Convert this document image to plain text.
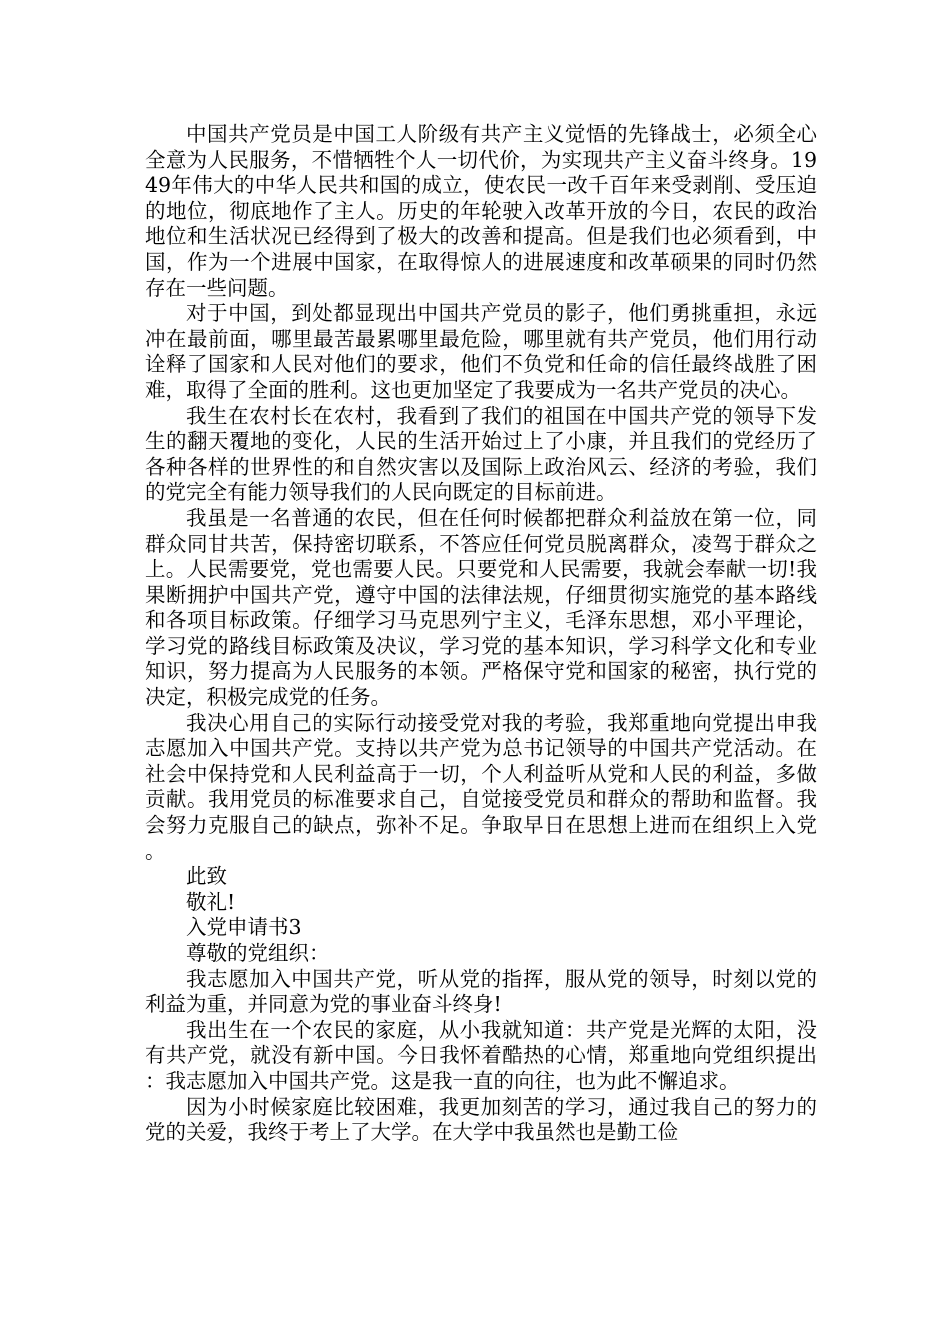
中国共产党员是中国工人阶级有共产主义觉悟的先锋战士，必须全心全意为人民服务，不惜牺牲个人一切代价，为实现共产主义奋斗终身。1949年伟大的中华人民共和国的成立，使农民一改千百年来受剥削、受压迫的地位，彻底地作了主人。历史的年轮驶入改革开放的今日，农民的政治地位和生活状况已经得到了极大的改善和提高。但是我们也必须看到，中国，作为一个进展中国家，在取得惊人的进展速度和改革硕果的同时仍然存在一些问题。

对于中国，到处都显现出中国共产党员的影子，他们勇挑重担，永远冲在最前面，哪里最苦最累哪里最危险，哪里就有共产党员，他们用行动诠释了国家和人民对他们的要求，他们不负党和任命的信任最终战胜了困难，取得了全面的胜利。这也更加坚定了我要成为一名共产党员的决心。

我生在农村长在农村，我看到了我们的祖国在中国共产党的领导下发生的翻天覆地的变化，人民的生活开始过上了小康，并且我们的党经历了各种各样的世界性的和自然灾害以及国际上政治风云、经济的考验，我们的党完全有能力领导我们的人民向既定的目标前进。

我虽是一名普通的农民，但在任何时候都把群众利益放在第一位，同群众同甘共苦，保持密切联系，不答应任何党员脱离群众，凌驾于群众之上。人民需要党，党也需要人民。只要党和人民需要，我就会奉献一切!我果断拥护中国共产党，遵守中国的法律法规，仔细贯彻实施党的基本路线和各项目标政策。仔细学习马克思列宁主义，毛泽东思想，邓小平理论，学习党的路线目标政策及决议，学习党的基本知识，学习科学文化和专业知识，努力提高为人民服务的本领。严格保守党和国家的秘密，执行党的决定，积极完成党的任务。

我决心用自己的实际行动接受党对我的考验，我郑重地向党提出申我志愿加入中国共产党。支持以共产党为总书记领导的中国共产党活动。在社会中保持党和人民利益高于一切，个人利益听从党和人民的利益，多做贡献。我用党员的标准要求自己，自觉接受党员和群众的帮助和监督。我会努力克服自己的缺点，弥补不足。争取早日在思想上进而在组织上入党。

此致

敬礼!

入党申请书3

尊敬的党组织：

我志愿加入中国共产党，听从党的指挥，服从党的领导，时刻以党的利益为重，并同意为党的事业奋斗终身!

我出生在一个农民的家庭，从小我就知道：共产党是光辉的太阳，没有共产党，就没有新中国。今日我怀着酷热的心情，郑重地向党组织提出：我志愿加入中国共产党。这是我一直的向往，也为此不懈追求。

因为小时候家庭比较困难，我更加刻苦的学习，通过我自己的努力的党的关爱，我终于考上了大学。在大学中我虽然也是勤工俭
